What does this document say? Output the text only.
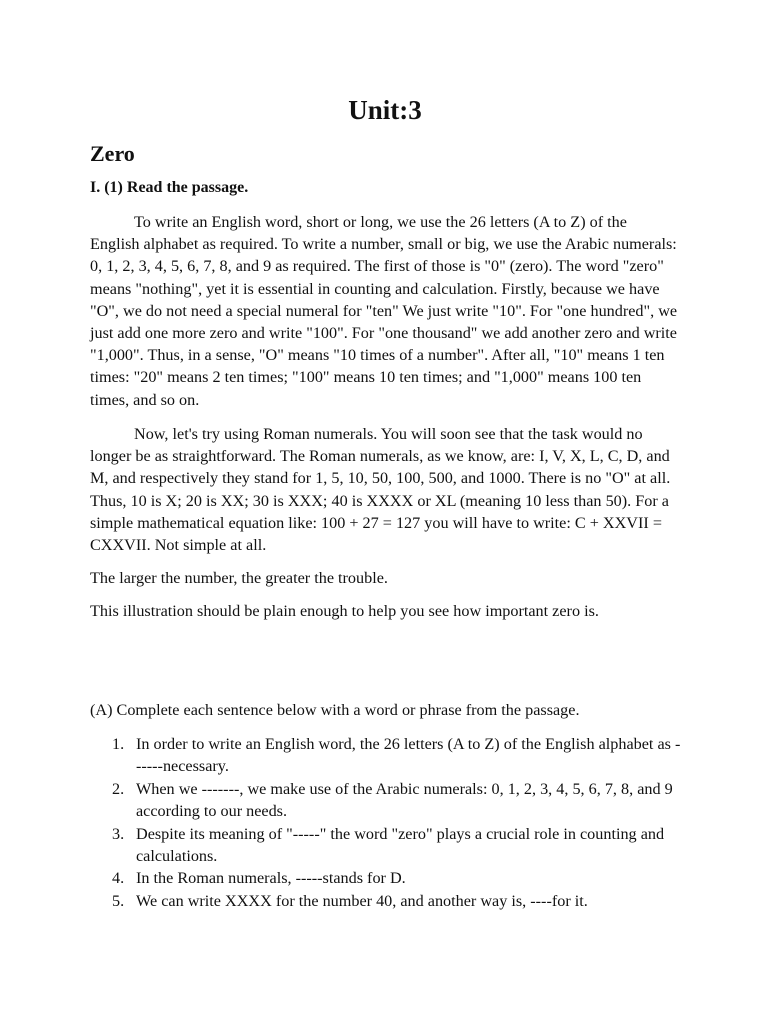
Unit:3
Zero

I. (1) Read the passage.

To write an English word, short or long, we use the 26 letters (A to Z) of the English alphabet as required. To write a number, small or big, we use the Arabic numerals: 0, 1, 2, 3, 4, 5, 6, 7, 8, and 9 as required. The first of those is "0" (zero). The word "zero" means "nothing", yet it is essential in counting and calculation. Firstly, because we have "O", we do not need a special numeral for "ten" We just write "10". For "one hundred", we just add one more zero and write "100". For "one thousand" we add another zero and write "1,000". Thus, in a sense, "O" means "10 times of a number". After all, "10" means 1 ten times: "20" means 2 ten times; "100" means 10 ten times; and "1,000" means 100 ten times, and so on.

Now, let's try using Roman numerals. You will soon see that the task would no longer be as straightforward. The Roman numerals, as we know, are: I, V, X, L, C, D, and M, and respectively they stand for 1, 5, 10, 50, 100, 500, and 1000. There is no "O" at all. Thus, 10 is X; 20 is XX; 30 is XXX; 40 is XXXX or XL (meaning 10 less than 50). For a simple mathematical equation like: 100 + 27 = 127 you will have to write: C + XXVII = CXXVII. Not simple at all.

The larger the number, the greater the trouble.

This illustration should be plain enough to help you see how important zero is.

(A) Complete each sentence below with a word or phrase from the passage.

1. In order to write an English word, the 26 letters (A to Z) of the English alphabet as ------necessary.
2. When we -------, we make use of the Arabic numerals: 0, 1, 2, 3, 4, 5, 6, 7, 8, and 9 according to our needs.
3. Despite its meaning of "-----" the word "zero" plays a crucial role in counting and calculations.
4. In the Roman numerals, -----stands for D.
5. We can write XXXX for the number 40, and another way is, ----for it.
